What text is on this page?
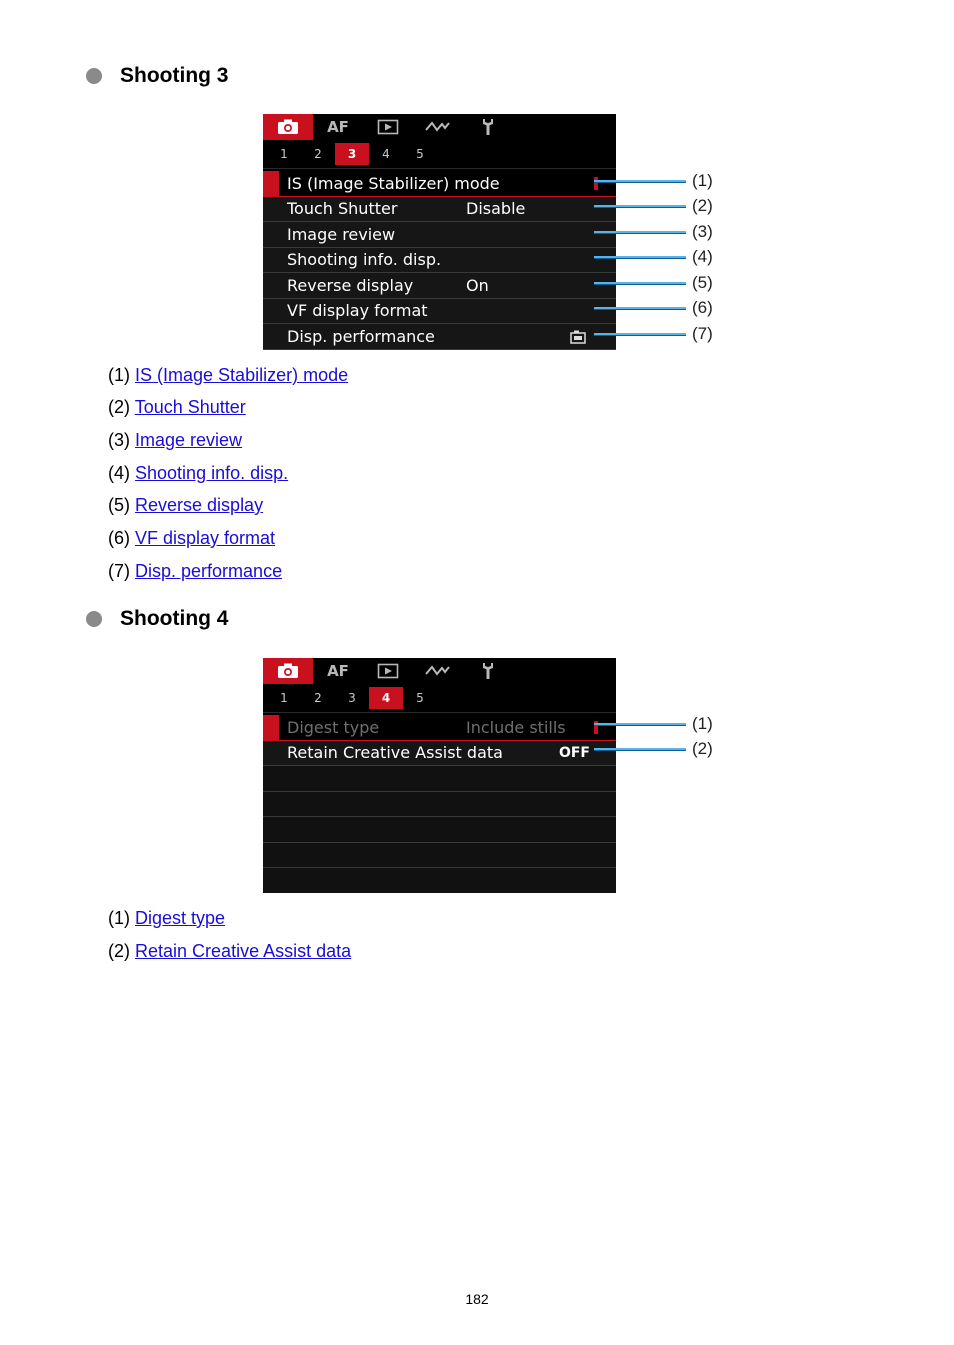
Shooting 3
AF
1	2	3	4	5
IS (Image Stabilizer) mode
Touch Shutter	Disable
Image review
Shooting info. disp.
Reverse display	On
VF display format
Disp. performance
(1)
(2)
(3)
(4)
(5)
(6)
(7)
(1) IS (Image Stabilizer) mode
(2) Touch Shutter
(3) Image review
(4) Shooting info. disp.
(5) Reverse display
(6) VF display format
(7) Disp. performance
Shooting 4
AF
1	2	3	4	5
Digest type	Include stills
Retain Creative Assist data	OFF
(1)
(2)
(1) Digest type
(2) Retain Creative Assist data
182
